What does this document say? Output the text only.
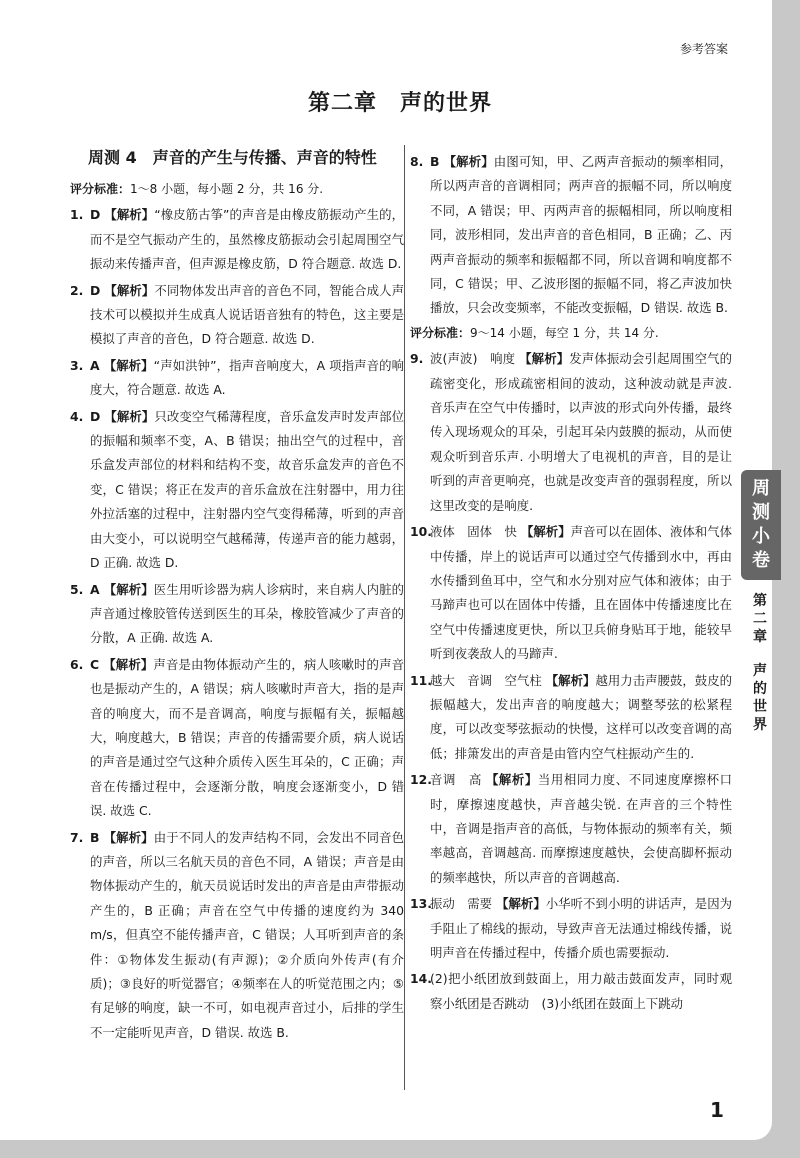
参考答案
第二章　声的世界
周测 4　声音的产生与传播、声音的特性
评分标准：1～8 小题，每小题 2 分，共 16 分.
1. D 【解析】“橡皮筋古筝”的声音是由橡皮筋振动产生的，而不是空气振动产生的，虽然橡皮筋振动会引起周围空气振动来传播声音，但声源是橡皮筋，D 符合题意. 故选 D.
2. D 【解析】不同物体发出声音的音色不同，智能合成人声技术可以模拟并生成真人说话语音独有的特色，这主要是模拟了声音的音色，D 符合题意. 故选 D.
3. A 【解析】“声如洪钟”，指声音响度大，A 项指声音的响度大，符合题意. 故选 A.
4. D 【解析】只改变空气稀薄程度，音乐盒发声时发声部位的振幅和频率不变，A、B 错误；抽出空气的过程中，音乐盒发声部位的材料和结构不变，故音乐盒发声的音色不变，C 错误；将正在发声的音乐盒放在注射器中，用力往外拉活塞的过程中，注射器内空气变得稀薄，听到的声音由大变小，可以说明空气越稀薄，传递声音的能力越弱，D 正确. 故选 D.
5. A 【解析】医生用听诊器为病人诊病时，来自病人内脏的声音通过橡胶管传送到医生的耳朵，橡胶管减少了声音的分散，A 正确. 故选 A.
6. C 【解析】声音是由物体振动产生的，病人咳嗽时的声音也是振动产生的，A 错误；病人咳嗽时声音大，指的是声音的响度大，而不是音调高，响度与振幅有关，振幅越大，响度越大，B 错误；声音的传播需要介质，病人说话的声音是通过空气这种介质传入医生耳朵的，C 正确；声音在传播过程中，会逐渐分散，响度会逐渐变小，D 错误. 故选 C.
7. B 【解析】由于不同人的发声结构不同，会发出不同音色的声音，所以三名航天员的音色不同，A 错误；声音是由物体振动产生的，航天员说话时发出的声音是由声带振动产生的，B 正确；声音在空气中传播的速度约为 340 m/s，但真空不能传播声音，C 错误；人耳听到声音的条件：①物体发生振动(有声源)；②介质向外传声(有介质)；③良好的听觉器官；④频率在人的听觉范围之内；⑤有足够的响度，缺一不可，如电视声音过小，后排的学生不一定能听见声音，D 错误. 故选 B.
8. B 【解析】由图可知，甲、乙两声音振动的频率相同，所以两声音的音调相同；两声音的振幅不同，所以响度不同，A 错误；甲、丙两声音的振幅相同，所以响度相同，波形相同，发出声音的音色相同，B 正确；乙、丙两声音振动的频率和振幅都不同，所以音调和响度都不同，C 错误；甲、乙波形图的振幅不同，将乙声波加快播放，只会改变频率，不能改变振幅，D 错误. 故选 B.
评分标准：9～14 小题，每空 1 分，共 14 分.
9. 波(声波)　响度 【解析】发声体振动会引起周围空气的疏密变化，形成疏密相间的波动，这种波动就是声波. 音乐声在空气中传播时，以声波的形式向外传播，最终传入现场观众的耳朵，引起耳朵内鼓膜的振动，从而使观众听到音乐声. 小明增大了电视机的声音，目的是让听到的声音更响亮，也就是改变声音的强弱程度，所以这里改变的是响度.
10.
液体　固体　快 【解析】声音可以在固体、液体和气体中传播，岸上的说话声可以通过空气传播到水中，再由水传播到鱼耳中，空气和水分别对应气体和液体；由于马蹄声也可以在固体中传播，且在固体中传播速度比在空气中传播速度更快，所以卫兵俯身贴耳于地，能较早听到夜袭敌人的马蹄声.
11.
越大　音调　空气柱 【解析】越用力击声腰鼓，鼓皮的振幅越大，发出声音的响度越大；调整琴弦的松紧程度，可以改变琴弦振动的快慢，这样可以改变音调的高低；排箫发出的声音是由管内空气柱振动产生的.
12.
音调　高 【解析】当用相同力度、不同速度摩擦杯口时，摩擦速度越快，声音越尖锐. 在声音的三个特性中，音调是指声音的高低，与物体振动的频率有关，频率越高，音调越高. 而摩擦速度越快，会使高脚杯振动的频率越快，所以声音的音调越高.
13.
振动　需要 【解析】小华听不到小明的讲话声，是因为手阻止了棉线的振动，导致声音无法通过棉线传播，说明声音在传播过程中，传播介质也需要振动.
14.
(2)把小纸团放到鼓面上，用力敲击鼓面发声，同时观察小纸团是否跳动　(3)小纸团在鼓面上下跳动
周
测
小
卷
第二章
声的世界
1
